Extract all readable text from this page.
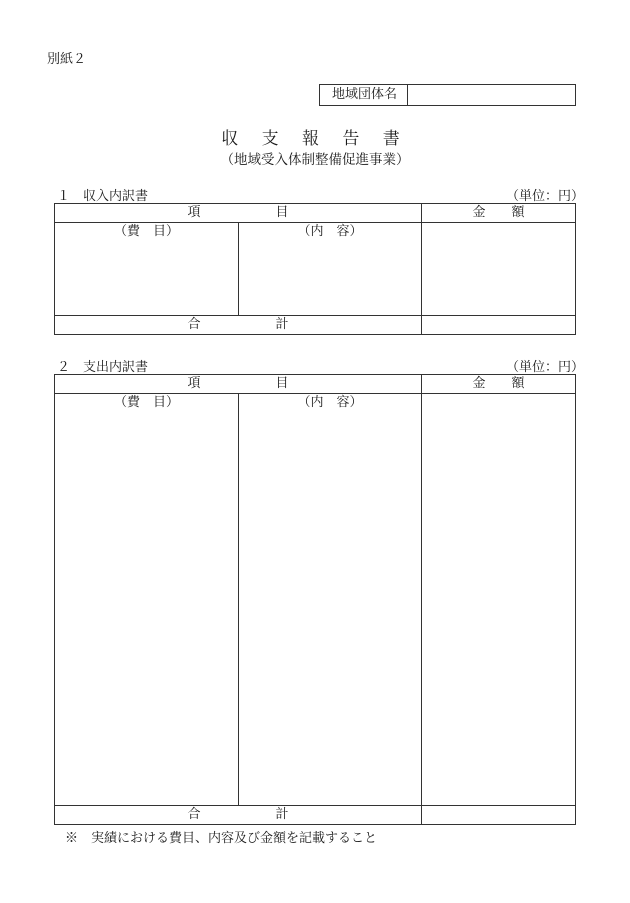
別紙２
地域団体名
収 支 報 告 書
（地域受入体制整備促進事業）
１　収入内訳書	（単位：円）
項 目		金 額

（費　目）	（内　容）	

合 計		
２　支出内訳書	（単位：円）
項 目		金 額

（費　目）	（内　容）	

合 計		
※　実績における費目、内容及び金額を記載すること
